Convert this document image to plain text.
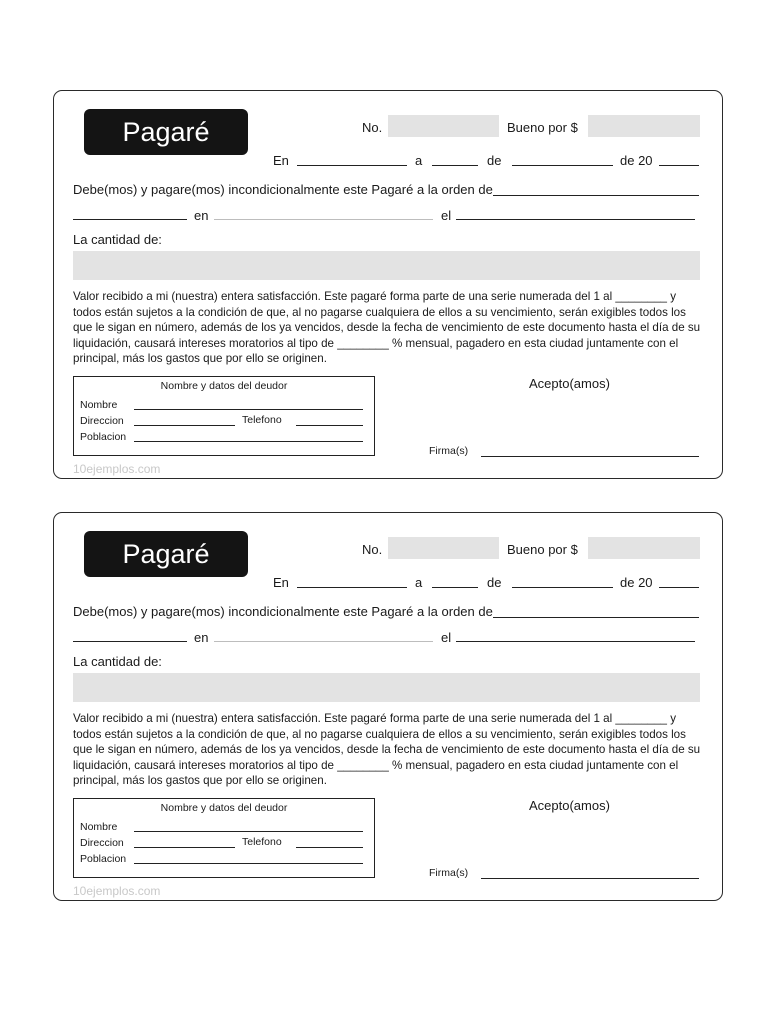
Pagaré	No.	Bueno por $
En	a	de	de 20
Debe(mos) y pagare(mos) incondicionalmente este Pagaré a la orden de
en	el
La cantidad de:
Valor recibido a mi (nuestra) entera satisfacción. Este pagaré forma parte de una serie numerada del 1 al ________ y
todos están sujetos a la condición de que, al no pagarse cualquiera de ellos a su vencimiento, serán exigibles todos los
que le sigan en número, además de los ya vencidos, desde la fecha de vencimiento de este documento hasta el día de su
liquidación, causará intereses moratorios al tipo de ________ % mensual, pagadero en esta ciudad juntamente con el
principal, más los gastos que por ello se originen.
Nombre y datos del deudor
Nombre
Direccion	Telefono
Poblacion
Acepto(amos)
Firma(s)
10ejemplos.com
Pagaré	No.	Bueno por $
En	a	de	de 20
Debe(mos) y pagare(mos) incondicionalmente este Pagaré a la orden de
en	el
La cantidad de:
Valor recibido a mi (nuestra) entera satisfacción. Este pagaré forma parte de una serie numerada del 1 al ________ y
todos están sujetos a la condición de que, al no pagarse cualquiera de ellos a su vencimiento, serán exigibles todos los
que le sigan en número, además de los ya vencidos, desde la fecha de vencimiento de este documento hasta el día de su
liquidación, causará intereses moratorios al tipo de ________ % mensual, pagadero en esta ciudad juntamente con el
principal, más los gastos que por ello se originen.
Nombre y datos del deudor
Nombre
Direccion	Telefono
Poblacion
Acepto(amos)
Firma(s)
10ejemplos.com
